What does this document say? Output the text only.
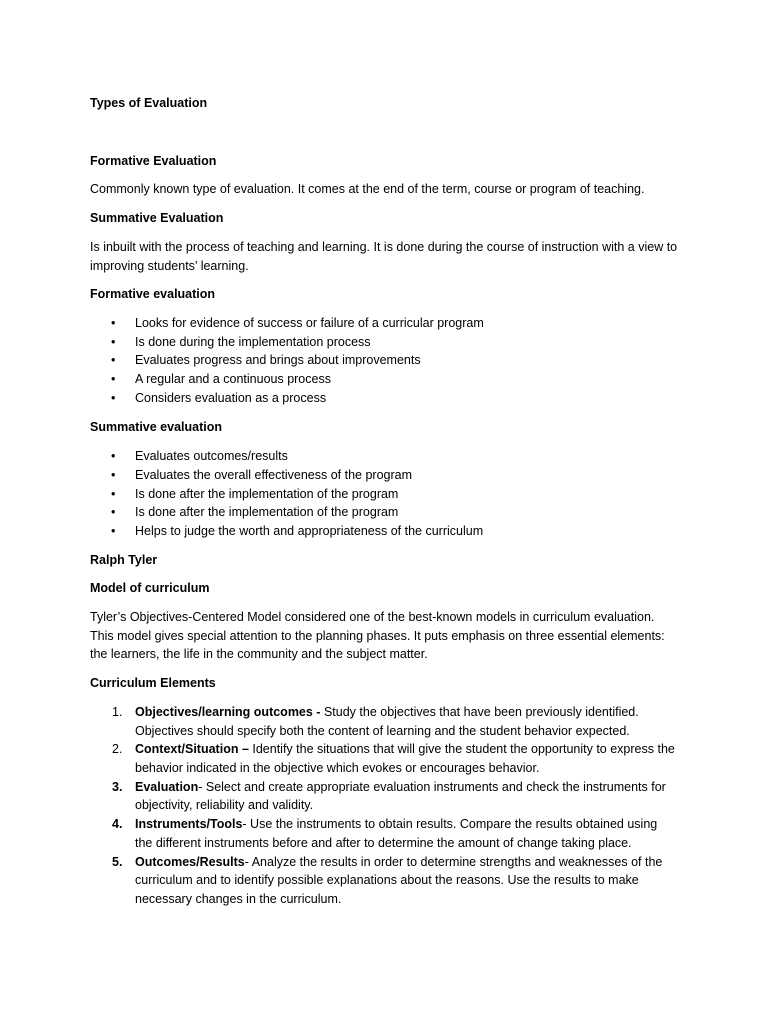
Types of Evaluation

Formative Evaluation

Commonly known type of evaluation. It comes at the end of the term, course or program of teaching.

Summative Evaluation

Is inbuilt with the process of teaching and learning. It is done during the course of instruction with a view to improving students’ learning.

Formative evaluation

• Looks for evidence of success or failure of a curricular program
• Is done during the implementation process
• Evaluates progress and brings about improvements
• A regular and a continuous process
• Considers evaluation as a process

Summative evaluation

• Evaluates outcomes/results
• Evaluates the overall effectiveness of the program
• Is done after the implementation of the program
• Is done after the implementation of the program
• Helps to judge the worth and appropriateness of the curriculum

Ralph Tyler

Model of curriculum

Tyler’s Objectives-Centered Model considered one of the best-known models in curriculum evaluation. This model gives special attention to the planning phases. It puts emphasis on three essential elements: the learners, the life in the community and the subject matter.

Curriculum Elements

1. Objectives/learning outcomes - Study the objectives that have been previously identified. Objectives should specify both the content of learning and the student behavior expected.
2. Context/Situation – Identify the situations that will give the student the opportunity to express the behavior indicated in the objective which evokes or encourages behavior.
3. Evaluation- Select and create appropriate evaluation instruments and check the instruments for objectivity, reliability and validity.
4. Instruments/Tools- Use the instruments to obtain results. Compare the results obtained using the different instruments before and after to determine the amount of change taking place.
5. Outcomes/Results- Analyze the results in order to determine strengths and weaknesses of the curriculum and to identify possible explanations about the reasons. Use the results to make necessary changes in the curriculum.
